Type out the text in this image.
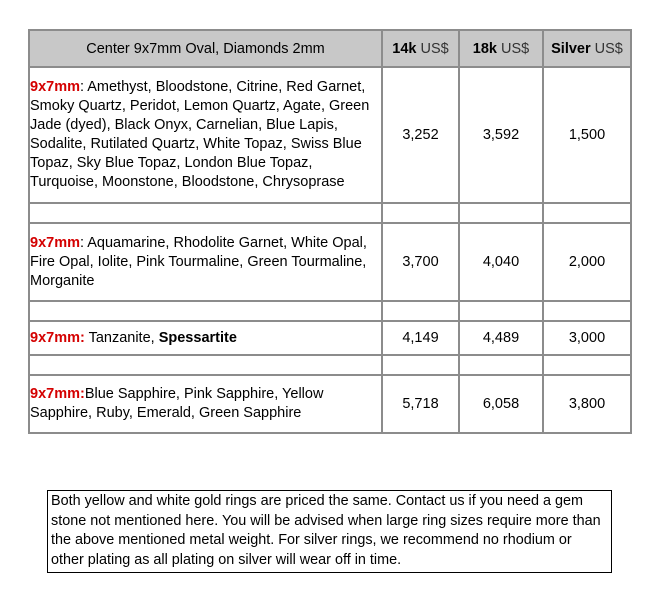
Center 9x7mm Oval, Diamonds 2mm	14k US$	18k US$	Silver US$
9x7mm: Amethyst, Bloodstone, Citrine, Red Garnet, Smoky Quartz, Peridot, Lemon Quartz, Agate, Green Jade (dyed), Black Onyx, Carnelian, Blue Lapis, Sodalite, Rutilated Quartz, White Topaz, Swiss Blue Topaz, Sky Blue Topaz, London Blue Topaz, Turquoise, Moonstone, Bloodstone, Chrysoprase	3,252	3,592	1,500

9x7mm: Aquamarine, Rhodolite Garnet, White Opal, Fire Opal, Iolite, Pink Tourmaline, Green Tourmaline, Morganite	3,700	4,040	2,000

9x7mm: Tanzanite, Spessartite	4,149	4,489	3,000

9x7mm:Blue Sapphire, Pink Sapphire, Yellow Sapphire, Ruby, Emerald, Green Sapphire	5,718	6,058	3,800
Both yellow and white gold rings are priced the same. Contact us if you need a gem stone not mentioned here. You will be advised when large ring sizes require more than the above mentioned metal weight. For silver rings, we recommend no rhodium or other plating as all plating on silver will wear off in time.
